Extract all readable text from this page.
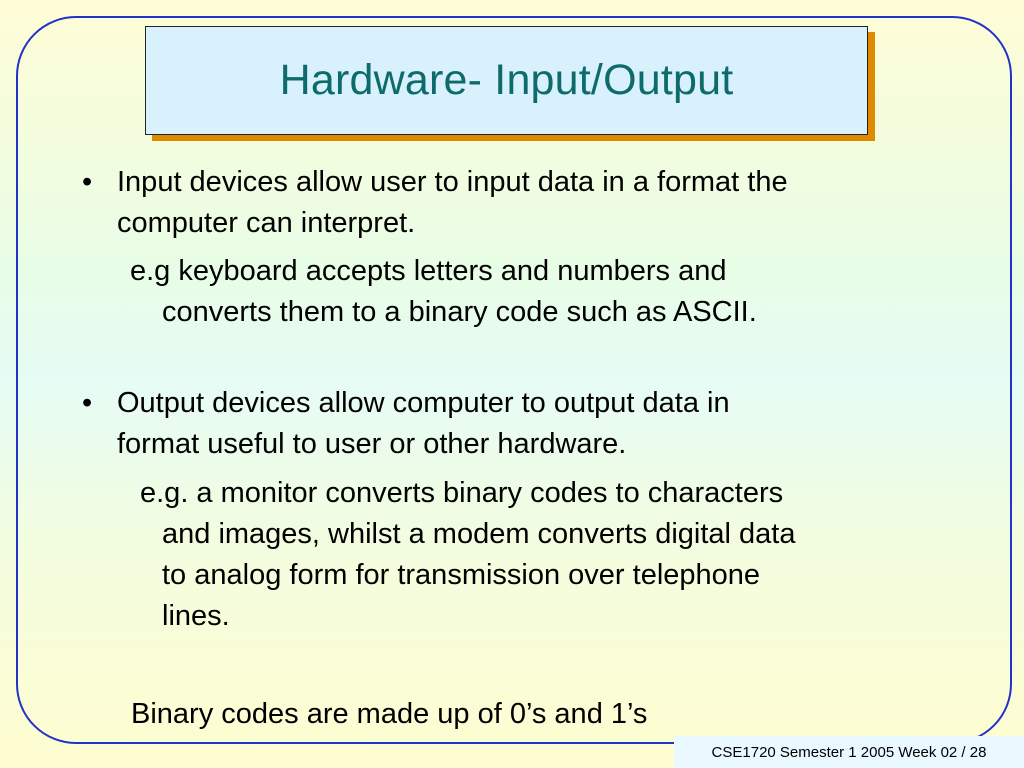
Hardware- Input/Output
• Input devices allow user to input data in a format the

computer can interpret.

e.g keyboard accepts letters and numbers and

converts them to a binary code such as ASCII.

• Output devices allow computer to output data in

format useful to user or other hardware.

e.g. a monitor converts binary codes to characters

and images, whilst a modem converts digital data

to analog form for transmission over telephone

lines.

Binary codes are made up of 0’s and 1’s

CSE1720 Semester 1 2005 Week 02 / 28
